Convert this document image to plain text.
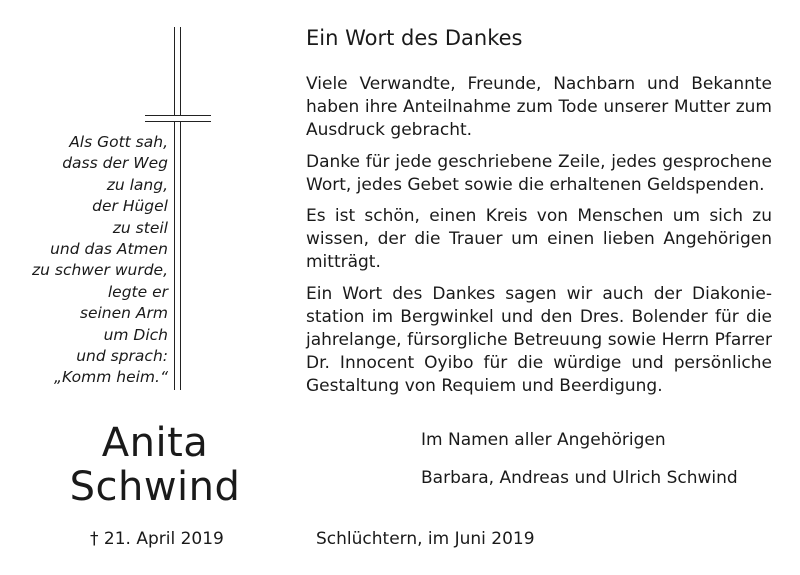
Als Gott sah,
dass der Weg
zu lang,
der Hügel
zu steil
und das Atmen
zu schwer wurde,
legte er
seinen Arm
um Dich
und sprach:
„Komm heim.“
Anita
Schwind
† 21. April 2019
Ein Wort des Dankes
Viele Verwandte, Freunde, Nachbarn und Bekannte haben ihre Anteilnahme zum Tode unserer Mutter zum Ausdruck gebracht.
Danke für jede geschriebene Zeile, jedes gesprochene Wort, jedes Gebet sowie die erhaltenen Geldspenden.
Es ist schön, einen Kreis von Menschen um sich zu wissen, der die Trauer um einen lieben Angehörigen mitträgt.
Ein Wort des Dankes sagen wir auch der Diakoniestation im Bergwinkel und den Dres. Bolender für die jahrelange, fürsorgliche Betreuung sowie Herrn Pfarrer Dr. Innocent Oyibo für die würdige und persönliche Gestaltung von Requiem und Beerdigung.
Im Namen aller Angehörigen
Barbara, Andreas und Ulrich Schwind
Schlüchtern, im Juni 2019
